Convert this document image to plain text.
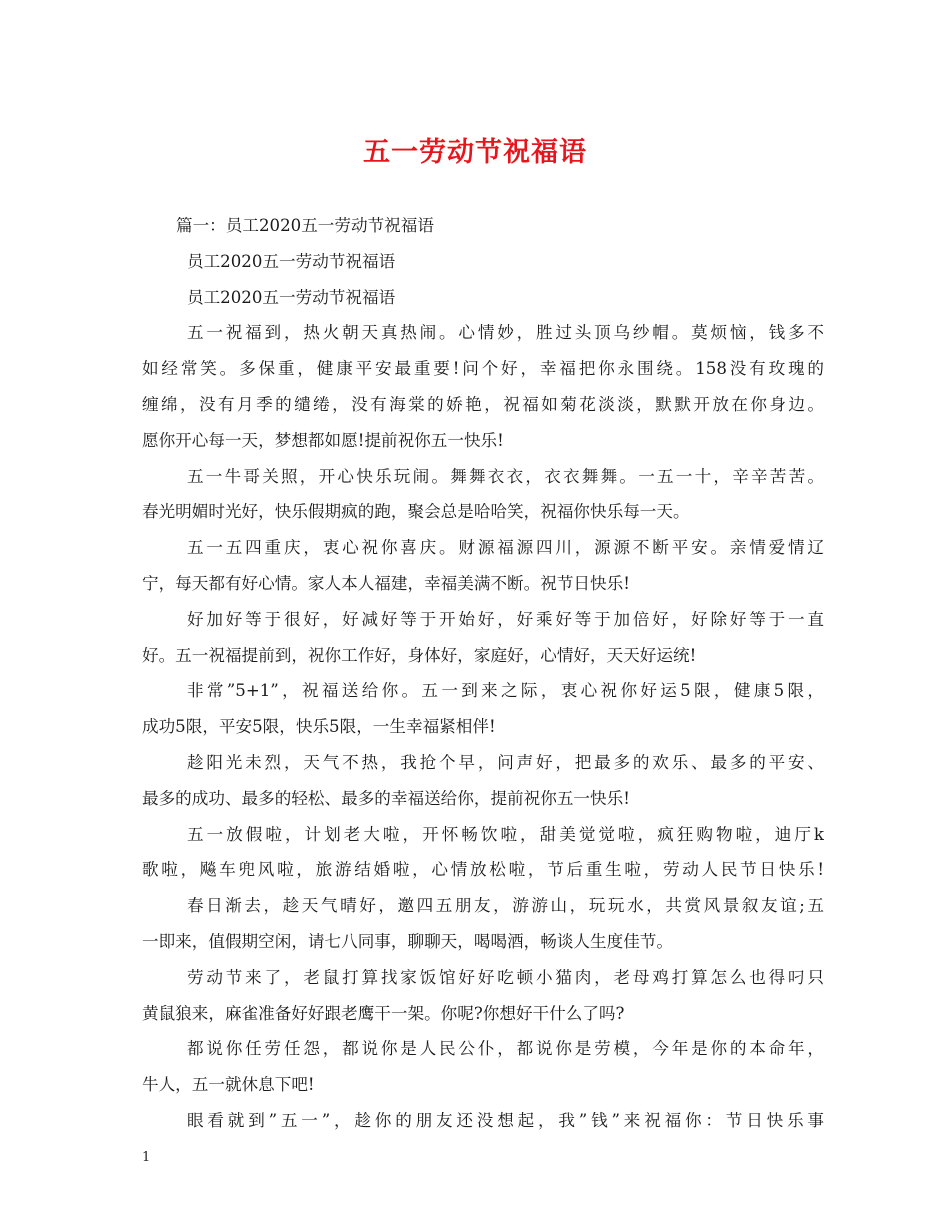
五一劳动节祝福语

篇一：员工2020五一劳动节祝福语

员工2020五一劳动节祝福语

员工2020五一劳动节祝福语

五一祝福到，热火朝天真热闹。心情妙，胜过头顶乌纱帽。莫烦恼，钱多不

如经常笑。多保重，健康平安最重要!问个好，幸福把你永围绕。158没有玫瑰的

缠绵，没有月季的缱绻，没有海棠的娇艳，祝福如菊花淡淡，默默开放在你身边。

愿你开心每一天，梦想都如愿!提前祝你五一快乐!

五一牛哥关照，开心快乐玩闹。舞舞衣衣，衣衣舞舞。一五一十，辛辛苦苦。

春光明媚时光好，快乐假期疯的跑，聚会总是哈哈笑，祝福你快乐每一天。

五一五四重庆，衷心祝你喜庆。财源福源四川，源源不断平安。亲情爱情辽

宁，每天都有好心情。家人本人福建，幸福美满不断。祝节日快乐!

好加好等于很好，好减好等于开始好，好乘好等于加倍好，好除好等于一直

好。五一祝福提前到，祝你工作好，身体好，家庭好，心情好，天天好运统!

非常”5+1”，祝福送给你。五一到来之际，衷心祝你好运5限，健康5限，

成功5限，平安5限，快乐5限，一生幸福紧相伴!

趁阳光未烈，天气不热，我抢个早，问声好，把最多的欢乐、最多的平安、

最多的成功、最多的轻松、最多的幸福送给你，提前祝你五一快乐!

五一放假啦，计划老大啦，开怀畅饮啦，甜美觉觉啦，疯狂购物啦，迪厅k

歌啦，飚车兜风啦，旅游结婚啦，心情放松啦，节后重生啦，劳动人民节日快乐!

春日渐去，趁天气晴好，邀四五朋友，游游山，玩玩水，共赏风景叙友谊;五

一即来，值假期空闲，请七八同事，聊聊天，喝喝酒，畅谈人生度佳节。

劳动节来了，老鼠打算找家饭馆好好吃顿小猫肉，老母鸡打算怎么也得叼只

黄鼠狼来，麻雀准备好好跟老鹰干一架。你呢?你想好干什么了吗?

都说你任劳任怨，都说你是人民公仆，都说你是劳模，今年是你的本命年，

牛人，五一就休息下吧!

眼看就到”五一”，趁你的朋友还没想起，我”钱”来祝福你：节日快乐事

1
